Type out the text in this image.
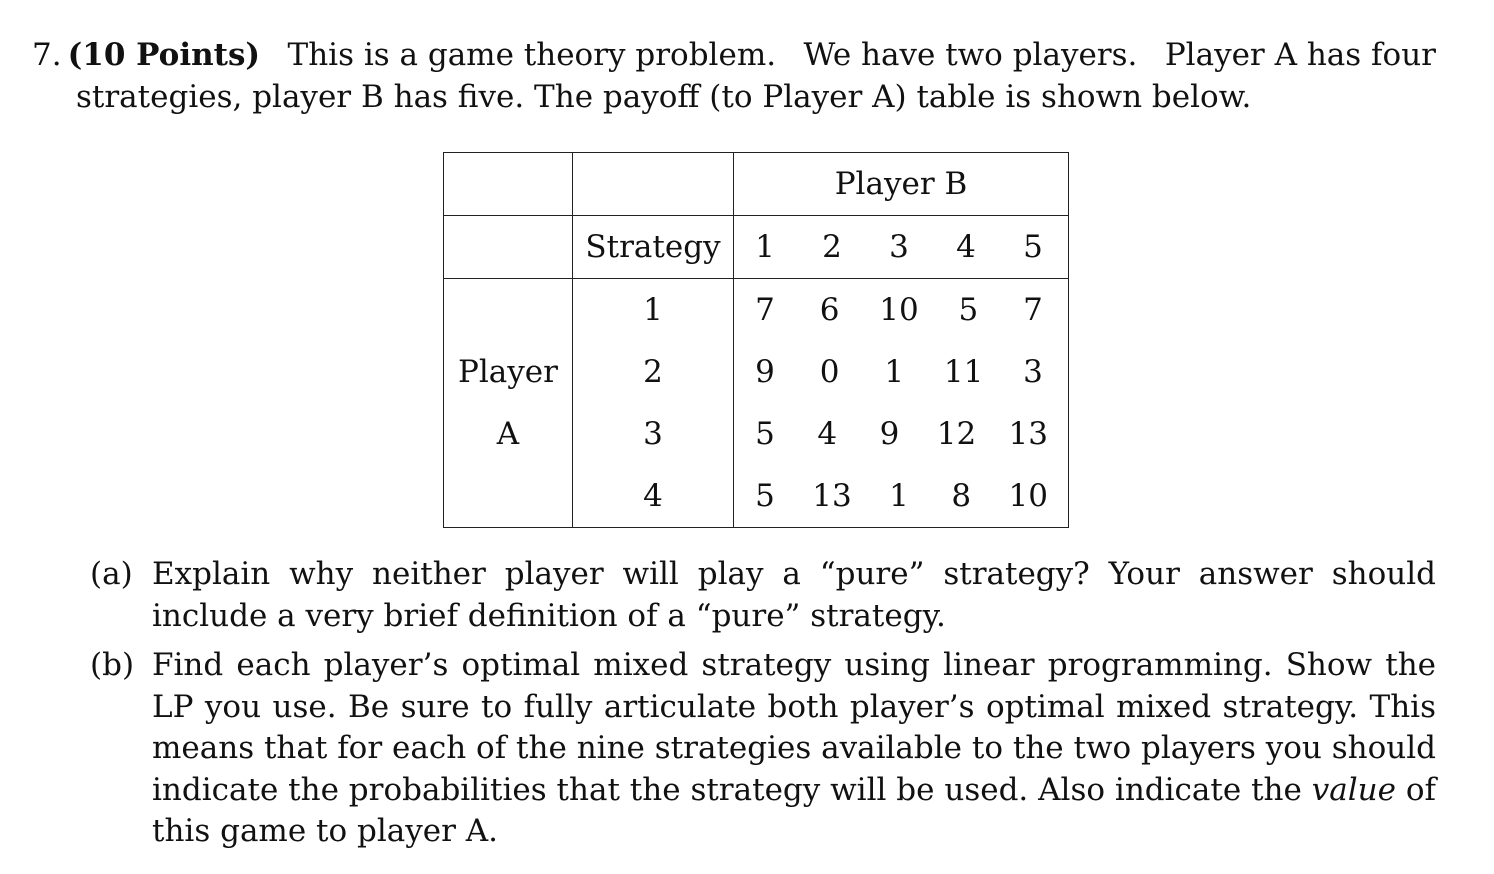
7. (10 Points) This is a game theory problem. We have two players. Player A has four
strategies, player B has five. The payoff (to Player A) table is shown below.
		Player B
	Strategy	1 2 3 4 5

	1	7 6 10 5 7

Player	2	9 0 1 11 3

A	3	5 4 9 12 13

	4	5 13 1 8 10
(a) Explain why neither player will play a “pure” strategy? Your answer should include a very brief definition of a “pure” strategy.
(b) Find each player’s optimal mixed strategy using linear programming. Show the LP you use. Be sure to fully articulate both player’s optimal mixed strategy. This means that for each of the nine strategies available to the two players you should indicate the probabilities that the strategy will be used. Also indicate the value of this game to player A.
